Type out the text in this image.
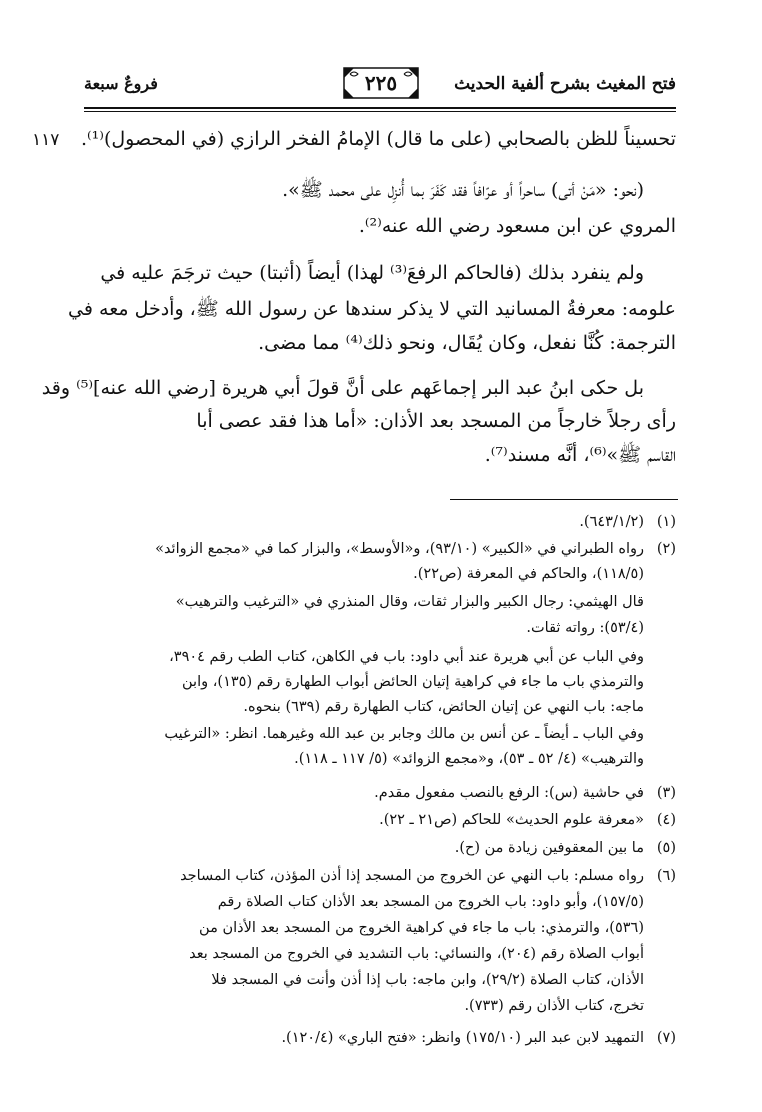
فتح المغيث بشرح ألفية الحديث
٢٢٥
فروعٌ سبعة
١١٧ تحسيناً للظن بالصحابي (على ما قال) الإمامُ الفخر الرازي (في المحصول)⁽¹⁾.
(نحو: «مَنْ أتى) ساحراً أو عرّافاً فقد كَفَرَ بما أُنزِل على محمد ﷺ».
المروي عن ابن مسعود رضي الله عنه⁽²⁾.
ولم ينفرد بذلك (فالحاكم الرفعَ⁽³⁾ لهذا) أيضاً (أثبتا) حيث ترجَمَ عليه في
علومه: معرفةُ المسانيد التي لا يذكر سندها عن رسول الله ﷺ، وأدخل معه في
الترجمة: كُنَّا نفعل، وكان يُقَال، ونحو ذلك⁽⁴⁾ مما مضى.
بل حكى ابنُ عبد البر إجماعَهم على أنَّ قولَ أبي هريرة [رضي الله عنه]⁽⁵⁾ وقد
رأى رجلاً خارجاً من المسجد بعد الأذان: «أما هذا فقد عصى أبا
القاسم ﷺ»⁽⁶⁾، أنَّه مسند⁽⁷⁾.
(١)
(٦٤٣/١/٢).
(٢)
رواه الطبراني في «الكبير» (٩٣/١٠)، و«الأوسط»، والبزار كما في «مجمع الزوائد»
(١١٨/٥)، والحاكم في المعرفة (ص٢٢).
قال الهيثمي: رجال الكبير والبزار ثقات، وقال المنذري في «الترغيب والترهيب»
(٥٣/٤): رواته ثقات.
وفي الباب عن أبي هريرة عند أبي داود: باب في الكاهن، كتاب الطب رقم ٣٩٠٤،
والترمذي باب ما جاء في كراهية إتيان الحائض أبواب الطهارة رقم (١٣٥)، وابن
ماجه: باب النهي عن إتيان الحائض، كتاب الطهارة رقم (٦٣٩) بنحوه.
وفي الباب ـ أيضاً ـ عن أنس بن مالك وجابر بن عبد الله وغيرهما. انظر: «الترغيب
والترهيب» (٤/ ٥٢ ـ ٥٣)، و«مجمع الزوائد» (٥/ ١١٧ ـ ١١٨).
(٣)
في حاشية (س): الرفع بالنصب مفعول مقدم.
(٤)
«معرفة علوم الحديث» للحاكم (ص٢١ ـ ٢٢).
(٥)
ما بين المعقوفين زيادة من (ح).
(٦)
رواه مسلم: باب النهي عن الخروج من المسجد إذا أذن المؤذن، كتاب المساجد
(١٥٧/٥)، وأبو داود: باب الخروج من المسجد بعد الأذان كتاب الصلاة رقم
(٥٣٦)، والترمذي: باب ما جاء في كراهية الخروج من المسجد بعد الأذان من
أبواب الصلاة رقم (٢٠٤)، والنسائي: باب التشديد في الخروج من المسجد بعد
الأذان، كتاب الصلاة (٢٩/٢)، وابن ماجه: باب إذا أذن وأنت في المسجد فلا
تخرج، كتاب الأذان رقم (٧٣٣).
(٧)
التمهيد لابن عبد البر (١٧٥/١٠) وانظر: «فتح الباري» (١٢٠/٤).
